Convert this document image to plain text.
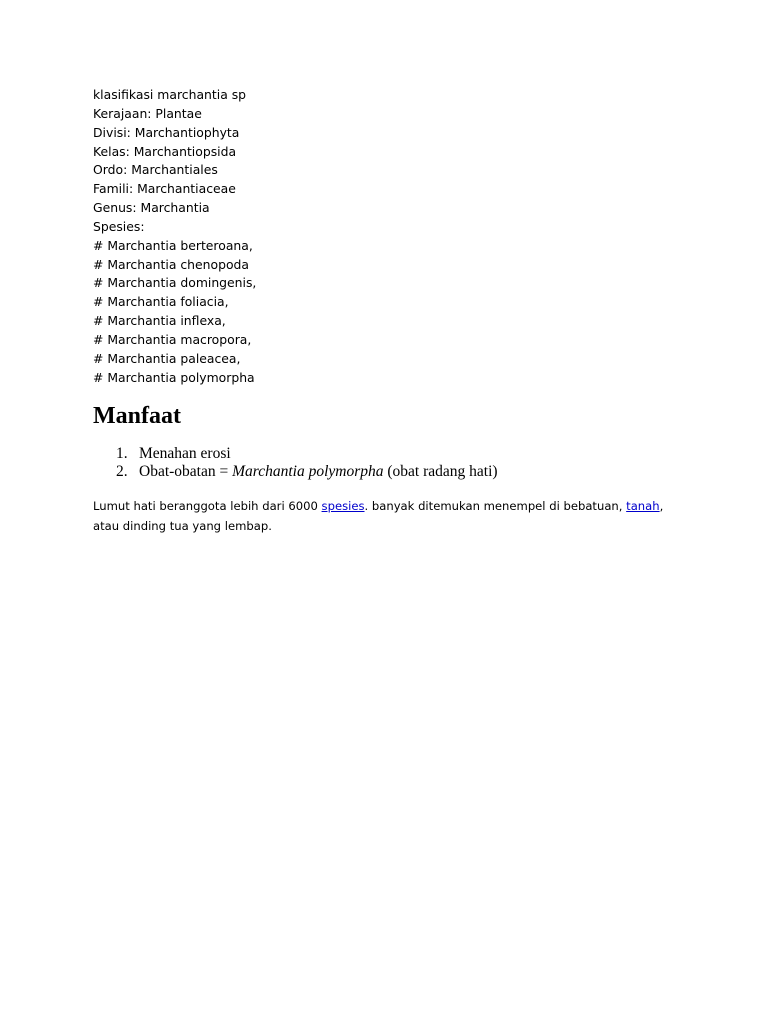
klasifikasi marchantia sp
Kerajaan: Plantae
Divisi: Marchantiophyta
Kelas: Marchantiopsida
Ordo: Marchantiales
Famili: Marchantiaceae
Genus: Marchantia
Spesies:
# Marchantia berteroana,
# Marchantia chenopoda
# Marchantia domingenis,
# Marchantia foliacia,
# Marchantia inflexa,
# Marchantia macropora,
# Marchantia paleacea,
# Marchantia polymorpha
Manfaat
1. Menahan erosi
2. Obat-obatan = Marchantia polymorpha (obat radang hati)

Lumut hati beranggota lebih dari 6000 spesies. banyak ditemukan menempel di bebatuan, tanah, atau dinding tua yang lembap.
